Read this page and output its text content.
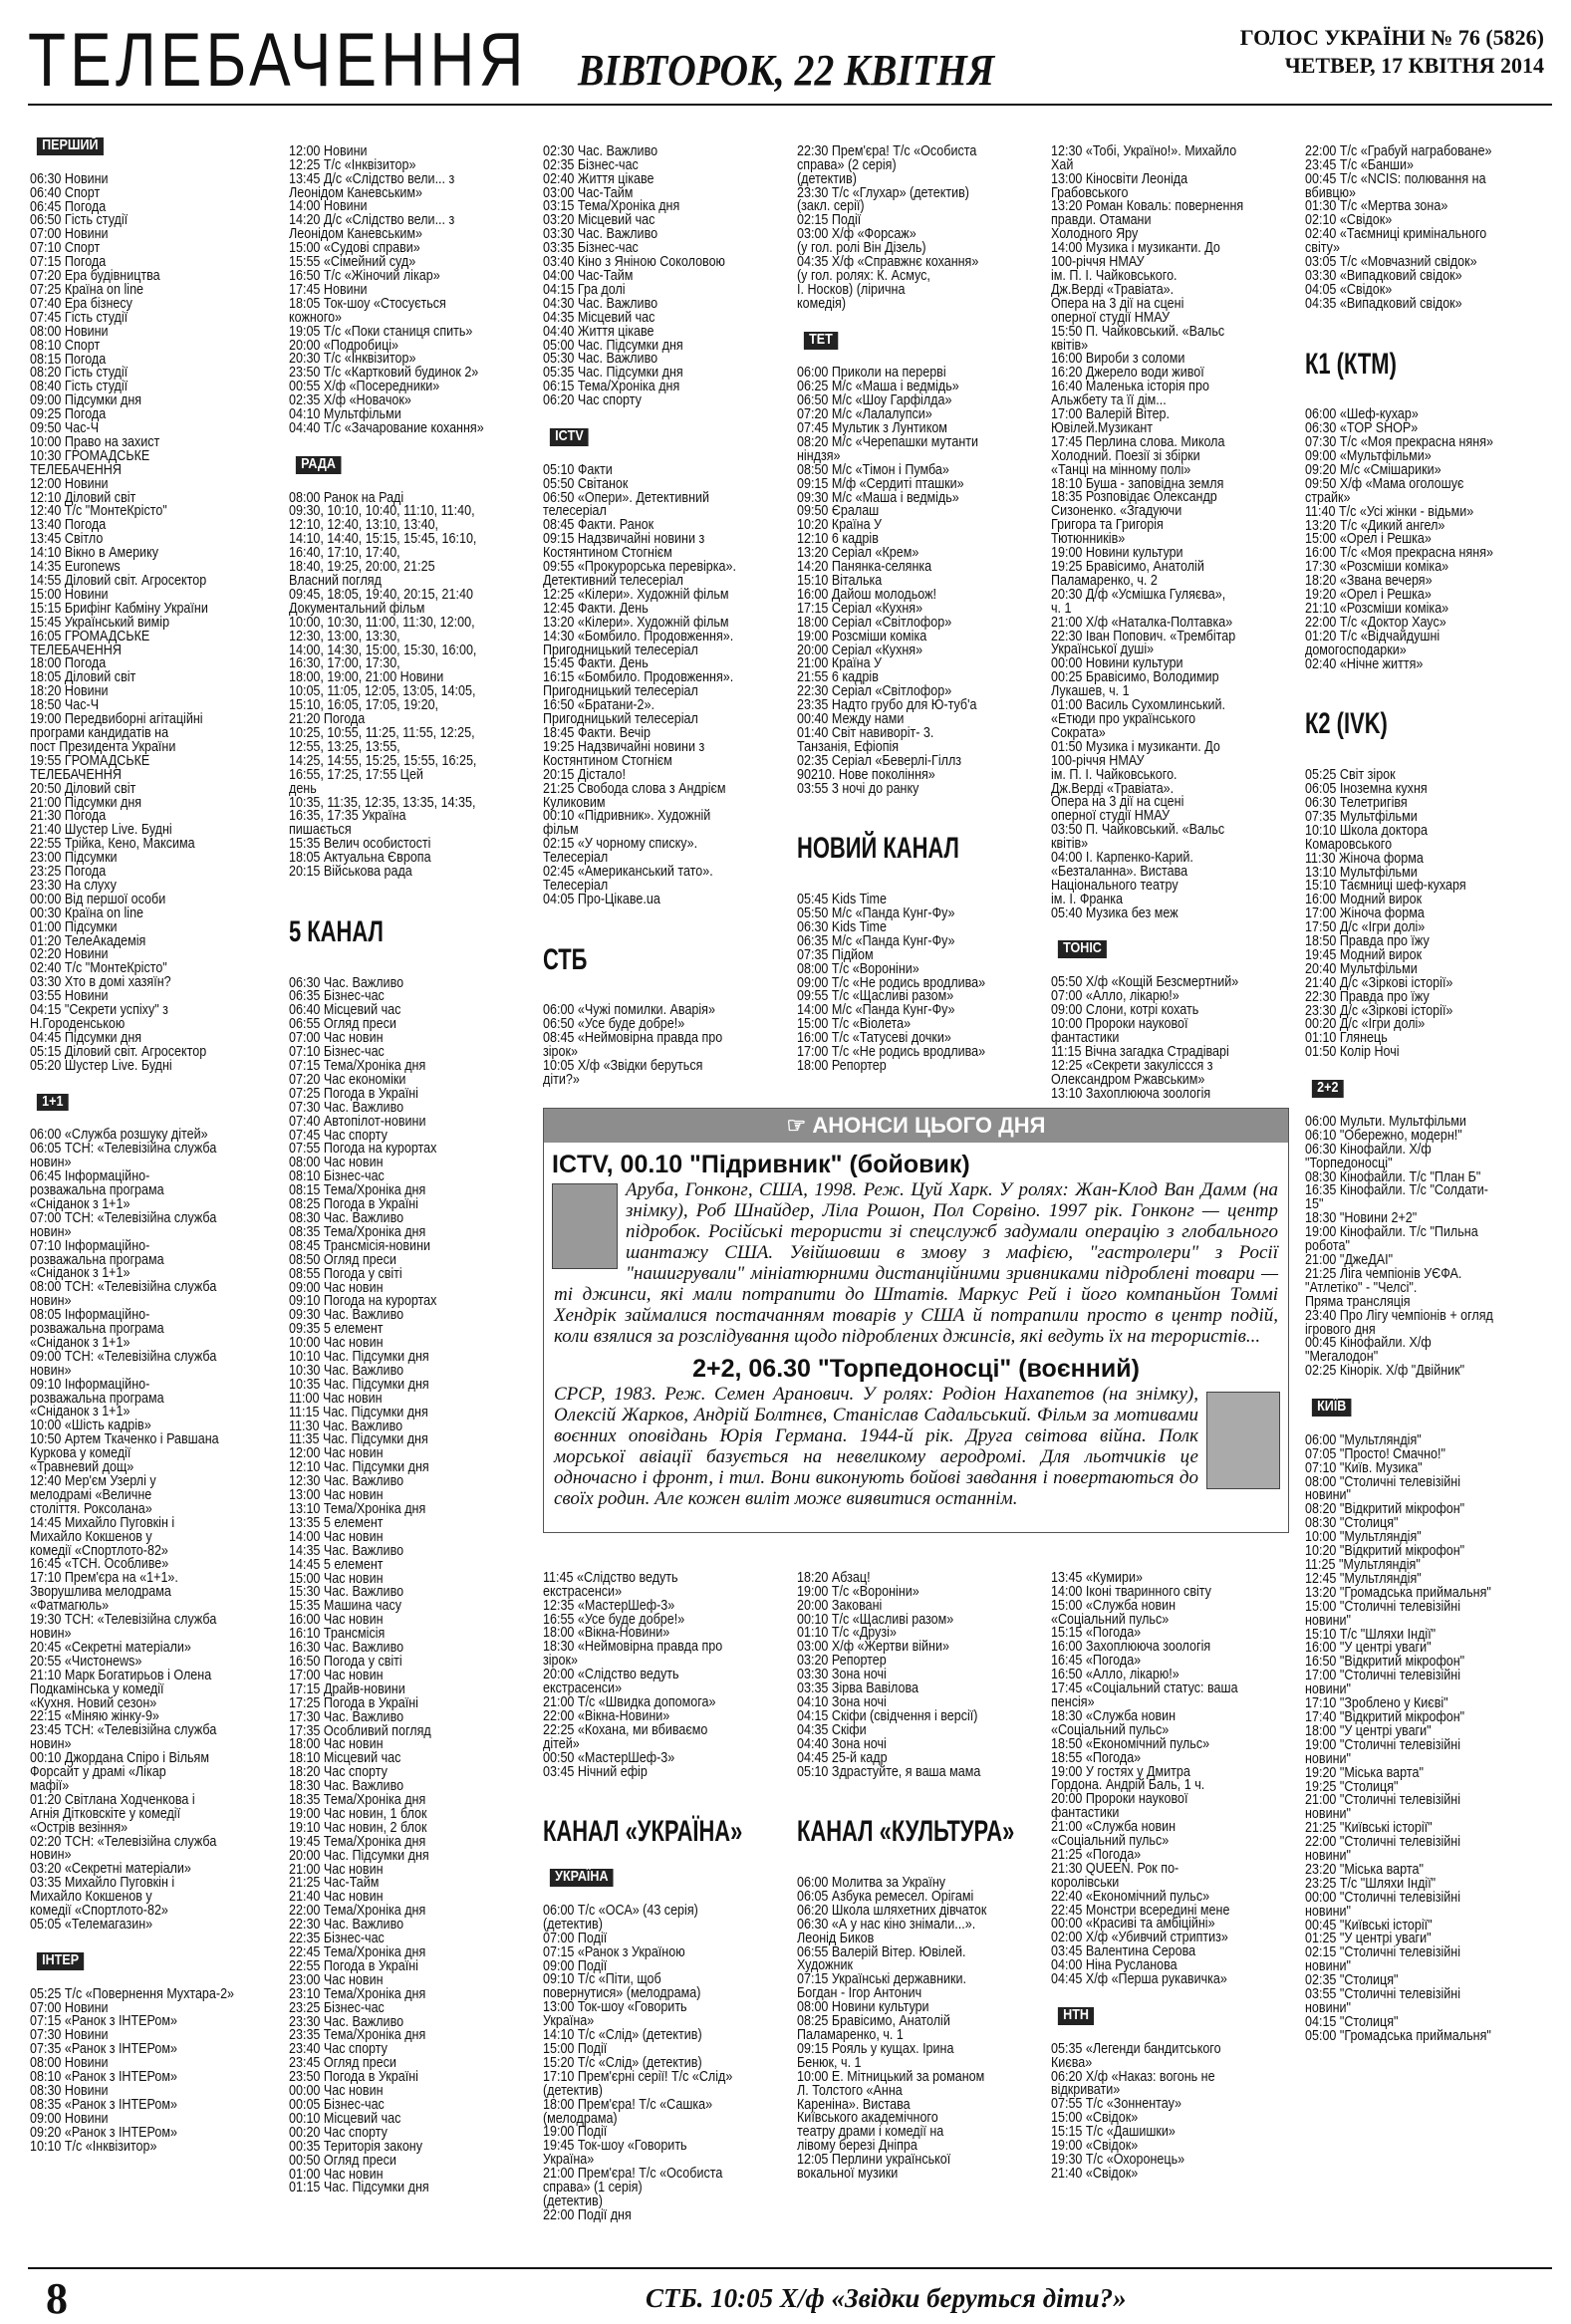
ТЕЛЕБАЧЕННЯ ВІВТОРОК, 22 КВІТНЯ
ГОЛОС УКРАЇНИ № 76 (5826)
ЧЕТВЕР, 17 КВІТНЯ 2014

ПЕРШИЙ

06:30 Новини
06:40 Спорт
06:45 Погода
06:50 Гість студії
07:00 Новини
07:10 Спорт
07:15 Погода
07:20 Ера будівництва
07:25 Країна on line
07:40 Ера бізнесу
07:45 Гість студії
08:00 Новини
08:10 Спорт
08:15 Погода
08:20 Гість студії
08:40 Гість студії
09:00 Підсумки дня
09:25 Погода
09:50 Час-Ч
10:00 Право на захист
10:30 ГРОМАДСЬКЕ
ТЕЛЕБАЧЕННЯ
12:00 Новини
12:10 Діловий світ
12:40 Т/с "МонтеКрісто"
13:40 Погода
13:45 Світло
14:10 Вікно в Америку
14:35 Euronews
14:55 Діловий світ. Агросектор
15:00 Новини
15:15 Брифінг Кабміну України
15:45 Український вимір
16:05 ГРОМАДСЬКЕ
ТЕЛЕБАЧЕННЯ
18:00 Погода
18:05 Діловий світ
18:20 Новини
18:50 Час-Ч
19:00 Передвиборні агітаційні
програми кандидатів на
пост Президента України
19:55 ГРОМАДСЬКЕ
ТЕЛЕБАЧЕННЯ
20:50 Діловий світ
21:00 Підсумки дня
21:30 Погода
21:40 Шустер Live. Будні
22:55 Трійка, Кено, Максима
23:00 Підсумки
23:25 Погода
23:30 На слуху
00:00 Від першої особи
00:30 Країна on line
01:00 Підсумки
01:20 ТелеАкадемія
02:20 Новини
02:40 Т/с "МонтеКрісто"
03:30 Хто в домі хазяїн?
03:55 Новини
04:15 "Секрети успіху" з
Н.Городенською
04:45 Підсумки дня
05:15 Діловий світ. Агросектор
05:20 Шустер Live. Будні

1+1

06:00 «Служба розшуку дітей»
06:05 ТСН: «Телевізійна служба
новин»
06:45 Інформаційно-
розважальна програма
«Сніданок з 1+1»
07:00 ТСН: «Телевізійна служба
новин»
07:10 Інформаційно-
розважальна програма
«Сніданок з 1+1»
08:00 ТСН: «Телевізійна служба
новин»
08:05 Інформаційно-
розважальна програма
«Сніданок з 1+1»
09:00 ТСН: «Телевізійна служба
новин»
09:10 Інформаційно-
розважальна програма
«Сніданок з 1+1»
10:00 «Шість кадрів»
10:50 Артем Ткаченко і Равшана
Куркова у комедії
«Травневий дощ»
12:40 Мер'єм Узерлі у
мелодрамі «Величне
століття. Роксолана»
14:45 Михайло Пуговкін і
Михайло Кокшенов у
комедії «Спортлото-82»
16:45 «ТСН. Особливе»
17:10 Прем'єра на «1+1».
Зворушлива мелодрама
«Фатмагюль»
19:30 ТСН: «Телевізійна служба
новин»
20:45 «Секретні матеріали»
20:55 «Чистонews»
21:10 Марк Богатирьов і Олена
Подкамінська у комедії
«Кухня. Новий сезон»
22:15 «Міняю жінку-9»
23:45 ТСН: «Телевізійна служба
новин»
00:10 Джордана Спіро і Вільям
Форсайт у драмі «Лікар
мафії»
01:20 Світлана Ходченкова і
Агнія Дітковскіте у комедії
«Острів везіння»
02:20 ТСН: «Телевізійна служба
новин»
03:20 «Секретні матеріали»
03:35 Михайло Пуговкін і
Михайло Кокшенов у
комедії «Спортлото-82»
05:05 «Телемагазин»

ІНТЕР

05:25 Т/с «Повернення Мухтара-2»
07:00 Новини
07:15 «Ранок з ІНТЕРом»
07:30 Новини
07:35 «Ранок з ІНТЕРом»
08:00 Новини
08:10 «Ранок з ІНТЕРом»
08:30 Новини
08:35 «Ранок з ІНТЕРом»
09:00 Новини
09:20 «Ранок з ІНТЕРом»
10:10 Т/с «Інквізитор»

12:00 Новини
12:25 Т/с «Інквізитор»
13:45 Д/с «Слідство вели... з
Леонідом Каневським»
14:00 Новини
14:20 Д/с «Слідство вели... з
Леонідом Каневським»
15:00 «Судові справи»
15:55 «Сімейний суд»
16:50 Т/с «Жіночий лікар»
17:45 Новини
18:05 Ток-шоу «Стосується
кожного»
19:05 Т/с «Поки станиця спить»
20:00 «Подробиці»
20:30 Т/с «Інквізитор»
23:50 Т/с «Картковий будинок 2»
00:55 Х/ф «Посередники»
02:35 Х/ф «Новачок»
04:10 Мультфільми
04:40 Т/с «Зачарование кохання»

РАДА

08:00 Ранок на Раді
09:30, 10:10, 10:40, 11:10, 11:40,
12:10, 12:40, 13:10, 13:40,
14:10, 14:40, 15:15, 15:45, 16:10,
16:40, 17:10, 17:40,
18:40, 19:25, 20:00, 21:25
Власний погляд
09:45, 18:05, 19:40, 20:15, 21:40
Документальний фільм
10:00, 10:30, 11:00, 11:30, 12:00,
12:30, 13:00, 13:30,
14:00, 14:30, 15:00, 15:30, 16:00,
16:30, 17:00, 17:30,
18:00, 19:00, 21:00 Новини
10:05, 11:05, 12:05, 13:05, 14:05,
15:10, 16:05, 17:05, 19:20,
21:20 Погода
10:25, 10:55, 11:25, 11:55, 12:25,
12:55, 13:25, 13:55,
14:25, 14:55, 15:25, 15:55, 16:25,
16:55, 17:25, 17:55 Цей
день
10:35, 11:35, 12:35, 13:35, 14:35,
16:35, 17:35 Україна
пишається
15:35 Велич особистості
18:05 Актуальна Європа
20:15 Військова рада

5 КАНАЛ

06:30 Час. Важливо
06:35 Бізнес-час
06:40 Місцевий час
06:55 Огляд преси
07:00 Час новин
07:10 Бізнес-час
07:15 Тема/Хроніка дня
07:20 Час економіки
07:25 Погода в Україні
07:30 Час. Важливо
07:40 Автопілот-новини
07:45 Час спорту
07:55 Погода на курортах
08:00 Час новин
08:10 Бізнес-час
08:15 Тема/Хроніка дня
08:25 Погода в Україні
08:30 Час. Важливо
08:35 Тема/Хроніка дня
08:45 Трансмісія-новини
08:50 Огляд преси
08:55 Погода у світі
09:00 Час новин
09:10 Погода на курортах
09:30 Час. Важливо
09:35 5 елемент
10:00 Час новин
10:10 Час. Підсумки дня
10:30 Час. Важливо
10:35 Час. Підсумки дня
11:00 Час новин
11:15 Час. Підсумки дня
11:30 Час. Важливо
11:35 Час. Підсумки дня
12:00 Час новин
12:10 Час. Підсумки дня
12:30 Час. Важливо
13:00 Час новин
13:10 Тема/Хроніка дня
13:35 5 елемент
14:00 Час новин
14:35 Час. Важливо
14:45 5 елемент
15:00 Час новин
15:30 Час. Важливо
15:35 Машина часу
16:00 Час новин
16:10 Трансмісія
16:30 Час. Важливо
16:50 Погода у світі
17:00 Час новин
17:15 Драйв-новини
17:25 Погода в Україні
17:30 Час. Важливо
17:35 Особливий погляд
18:00 Час новин
18:10 Місцевий час
18:20 Час спорту
18:30 Час. Важливо
18:35 Тема/Хроніка дня
19:00 Час новин, 1 блок
19:10 Час новин, 2 блок
19:45 Тема/Хроніка дня
20:00 Час. Підсумки дня
21:00 Час новин
21:25 Час-Тайм
21:40 Час новин
22:00 Тема/Хроніка дня
22:30 Час. Важливо
22:35 Бізнес-час
22:45 Тема/Хроніка дня
22:55 Погода в Україні
23:00 Час новин
23:10 Тема/Хроніка дня
23:25 Бізнес-час
23:30 Час. Важливо
23:35 Тема/Хроніка дня
23:40 Час спорту
23:45 Огляд преси
23:50 Погода в Україні
00:00 Час новин
00:05 Бізнес-час
00:10 Місцевий час
00:20 Час спорту
00:35 Територія закону
00:50 Огляд преси
01:00 Час новин
01:15 Час. Підсумки дня

02:30 Час. Важливо
02:35 Бізнес-час
02:40 Життя цікаве
03:00 Час-Тайм
03:15 Тема/Хроніка дня
03:20 Місцевий час
03:30 Час. Важливо
03:35 Бізнес-час
03:40 Кіно з Яніною Соколовою
04:00 Час-Тайм
04:15 Гра долі
04:30 Час. Важливо
04:35 Місцевий час
04:40 Життя цікаве
05:00 Час. Підсумки дня
05:30 Час. Важливо
05:35 Час. Підсумки дня
06:15 Тема/Хроніка дня
06:20 Час спорту

ICTV

05:10 Факти
05:50 Світанок
06:50 «Опери». Детективний
телесеріал
08:45 Факти. Ранок
09:15 Надзвичайні новини з
Костянтином Стогнієм
09:55 «Прокурорська перевірка».
Детективний телесеріал
12:25 «Кілери». Художній фільм
12:45 Факти. День
13:20 «Кілери». Художній фільм
14:30 «Бомбило. Продовження».
Пригодницький телесеріал
15:45 Факти. День
16:15 «Бомбило. Продовження».
Пригодницький телесеріал
16:50 «Братани-2».
Пригодницький телесеріал
18:45 Факти. Вечір
19:25 Надзвичайні новини з
Костянтином Стогнієм
20:15 Дістало!
21:25 Свобода слова з Андрієм
Куликовим
00:10 «Підривник». Художній
фільм
02:15 «У чорному списку».
Телесеріал
02:45 «Американський тато».
Телесеріал
04:05 Про-Цікаве.ua

СТБ

06:00 «Чужі помилки. Аварія»
06:50 «Усе буде добре!»
08:45 «Неймовірна правда про
зірок»
10:05 Х/ф «Звідки беруться
діти?»

22:30 Прем'єра! Т/с «Особиста
справа» (2 серія)
(детектив)
23:30 Т/с «Глухар» (детектив)
(закл. серії)
02:15 Події
03:00 Х/ф «Форсаж»
(у гол. ролі Він Дізель)
04:35 Х/ф «Справжнє кохання»
(у гол. ролях: К. Асмус,
І. Носков) (лірична
комедія)

ТЕТ

06:00 Приколи на перерві
06:25 М/с «Маша і ведмідь»
06:50 М/с «Шоу Гарфілда»
07:20 М/с «Лалалупси»
07:45 Мультик з Лунтиком
08:20 М/с «Черепашки мутанти
ніндзя»
08:50 М/с «Тімон і Пумба»
09:15 М/ф «Сердиті пташки»
09:30 М/с «Маша і ведмідь»
09:50 Єралаш
10:20 Країна У
12:10 6 кадрів
13:20 Серіал «Крем»
14:20 Панянка-селянка
15:10 Віталька
16:00 Дайош молодьож!
17:15 Серіал «Кухня»
18:00 Серіал «Світлофор»
19:00 Розсміши коміка
20:00 Серіал «Кухня»
21:00 Країна У
21:55 6 кадрів
22:30 Серіал «Світлофор»
23:35 Надто грубо для Ю-туб'а
00:40 Между нами
01:40 Світ навиворіт- 3.
Танзанія, Ефіопія
02:35 Серіал «Беверлі-Гіллз
90210. Нове покоління»
03:55 3 ночі до ранку

НОВИЙ КАНАЛ

05:45 Kids Time
05:50 М/с «Панда Кунг-Фу»
06:30 Kids Time
06:35 М/с «Панда Кунг-Фу»
07:35 Підйом
08:00 Т/с «Вороніни»
09:00 Т/с «Не родись вродлива»
09:55 Т/с «Щасливі разом»
14:00 М/с «Панда Кунг-Фу»
15:00 Т/с «Віолета»
16:00 Т/с «Татусеві дочки»
17:00 Т/с «Не родись вродлива»
18:00 Репортер

12:30 «Тобі, Україно!». Михайло
Хай
13:00 Кіносвіти Леоніда
Грабовського
13:20 Роман Коваль: повернення
правди. Отамани
Холодного Яру
14:00 Музика і музиканти. До
100-річчя НМАУ
ім. П. І. Чайковського.
Дж.Верді «Травіата».
Опера на 3 дії на сцені
оперної студії НМАУ
15:50 П. Чайковський. «Вальс
квітів»
16:00 Вироби з соломи
16:20 Джерело води живої
16:40 Маленька історія про
Альжбету та її дім...
17:00 Валерій Вітер.
Ювілей.Музикант
17:45 Перлина слова. Микола
Холодний. Поезії зі збірки
«Танці на мінному полі»
18:10 Буша - заповідна земля
18:35 Розповідає Олександр
Сизоненко. «Згадуючи
Григора та Григорія
Тютюнників»
19:00 Новини культури
19:25 Бравісимо, Анатолій
Паламаренко, ч. 2
20:30 Д/ф «Усмішка Гуляєва»,
ч. 1
21:00 Х/ф «Наталка-Полтавка»
22:30 Іван Попович. «Трембітар
Української душі»
00:00 Новини культури
00:25 Бравісимо, Володимир
Лукашев, ч. 1
01:00 Василь Сухомлинський.
«Етюди про українського
Сократа»
01:50 Музика і музиканти. До
100-річчя НМАУ
ім. П. І. Чайковського.
Дж.Верді «Травіата».
Опера на 3 дії на сцені
оперної студії НМАУ
03:50 П. Чайковський. «Вальс
квітів»
04:00 І. Карпенко-Карий.
«Безталанна». Вистава
Національного театру
ім. І. Франка
05:40 Музика без меж

ТОНІС

05:50 Х/ф «Кощій Безсмертний»
07:00 «Алло, лікарю!»
09:00 Слони, котрі кохать
10:00 Пророки наукової
фантастики
11:15 Вічна загадка Страдіварі
12:25 «Секрети закуліссся з
Олександром Ржавським»
13:10 Захоплююча зоологія

22:00 Т/с «Грабуй награбоване»
23:45 Т/с «Банши»
00:45 Т/с «NCIS: полювання на
вбивцю»
01:30 Т/с «Мертва зона»
02:10 «Свідок»
02:40 «Таємниці кримінального
світу»
03:05 Т/с «Мовчазний свідок»
03:30 «Випадковий свідок»
04:05 «Свідок»
04:35 «Випадковий свідок»

К1 (КТМ)

06:00 «Шеф-кухар»
06:30 «TOP SHOP»
07:30 Т/с «Моя прекрасна няня»
09:00 «Мультфільми»
09:20 М/с «Смішарики»
09:50 Х/ф «Мама оголошує
страйк»
11:40 Т/с «Усі жінки - відьми»
13:20 Т/с «Дикий ангел»
15:00 «Орел і Решка»
16:00 Т/с «Моя прекрасна няня»
17:30 «Розсміши коміка»
18:20 «Звана вечеря»
19:20 «Орел і Решка»
21:10 «Розсміши коміка»
22:00 Т/с «Доктор Хаус»
01:20 Т/с «Відчайдушні
домогосподарки»
02:40 «Нічне життя»

К2 (IVK)

05:25 Світ зірок
06:05 Іноземна кухня
06:30 Телетригівя
07:35 Мультфільми
10:10 Школа доктора
Комаровського
11:30 Жіноча форма
13:10 Мультфільми
15:10 Таємниці шеф-кухаря
16:00 Модний вирок
17:00 Жіноча форма
17:50 Д/с «Ігри долі»
18:50 Правда про їжу
19:45 Модний вирок
20:40 Мультфільми
21:40 Д/с «Зіркові історії»
22:30 Правда про їжу
23:30 Д/с «Зіркові історії»
00:20 Д/с «Ігри долі»
01:10 Глянець
01:50 Колір Ночі

2+2

06:00 Мульти. Мультфільми
06:10 "Обережно, модерн!"
06:30 Кінофайли. Х/ф
"Торпедоносці"
08:30 Кінофайли. Т/с "План Б"
16:35 Кінофайли. Т/с "Солдати-
15"
18:30 "Новини 2+2"
19:00 Кінофайли. Т/с "Пильна
робота"
21:00 "ДжеДАІ"
21:25 Ліга чемпіонів УЄФА.
"Атлетіко" - "Челсі".
Пряма трансляція
23:40 Про Лігу чемпіонів + огляд
ігрового дня
00:45 Кінофайли. Х/ф
"Мегалодон"
02:25 Кінорік. Х/ф "Двійник"

КИЇВ

06:00 "Мультляндія"
07:05 "Просто! Смачно!"
07:10 "Київ. Музика"
08:00 "Столичні телевізійні
новини"
08:20 "Відкритий мікрофон"
08:30 "Столиця"
10:00 "Мультляндія"
10:20 "Відкритий мікрофон"
11:25 "Мультляндія"
12:45 "Мультляндія"
13:20 "Громадська приймальня"
15:00 "Столичні телевізійні
новини"
15:10 Т/с "Шляхи Індії"
16:00 "У центрі уваги"
16:50 "Відкритий мікрофон"
17:00 "Столичні телевізійні
новини"
17:10 "Зроблено у Києві"
17:40 "Відкритий мікрофон"
18:00 "У центрі уваги"
19:00 "Столичні телевізійні
новини"
19:20 "Міська варта"
19:25 "Столиця"
21:00 "Столичні телевізійні
новини"
21:25 "Київські історії"
22:00 "Столичні телевізійні
новини"
23:20 "Міська варта"
23:25 Т/с "Шляхи Індії"
00:00 "Столичні телевізійні
новини"
00:45 "Київські історії"
01:25 "У центрі уваги"
02:15 "Столичні телевізійні
новини"
02:35 "Столиця"
03:55 "Столичні телевізійні
новини"
04:15 "Столиця"
05:00 "Громадська приймальня"

☞ АНОНСИ ЦЬОГО ДНЯ
ICTV, 00.10 "Підривник" (бойовик)
Аруба, Гонконг, США, 1998. Реж. Цуй Харк. У ролях: Жан-Клод Ван Дамм (на знімку), Роб Шнайдер, Ліла Рошон, Пол Сорвіно. 1997 рік. Гонконг — центр підробок. Російські терористи зі спецслужб задумали операцію з глобального шантажу США. Увійшовши в змову з мафією, "гастролери" з Росії "нашигрували" мініатюрними дистанційними зривниками підроблені товари — ті джинси, які мали потрапити до Штатів. Маркус Рей і його компаньйон Томмі Хендрік займалися постачанням товарів у США й потрапили просто в центр подій, коли взялися за розслідування щодо підроблених джинсів, які ведуть їх на терористів...
2+2, 06.30 "Торпедоносці" (воєнний)
СРСР, 1983. Реж. Семен Аранович. У ролях: Родіон Нахапетов (на знімку), Олексій Жарков, Андрій Болтнєв, Станіслав Садальський. Фільм за мотивами воєнних оповідань Юрія Германа. 1944-й рік. Друга світова війна. Полк морської авіації базується на невеликому аеродромі. Для льотчиків це одночасно і фронт, і тил. Вони виконують бойові завдання і повертаються до своїх родин. Але кожен виліт може виявитися останнім.

11:45 «Слідство ведуть
екстрасенси»
12:35 «МастерШеф-3»
16:55 «Усе буде добре!»
18:00 «Вікна-Новини»
18:30 «Неймовірна правда про
зірок»
20:00 «Слідство ведуть
екстрасенси»
21:00 Т/с «Швидка допомога»
22:00 «Вікна-Новини»
22:25 «Кохана, ми вбиваємо
дітей»
00:50 «МастерШеф-3»
03:45 Нічний ефір

КАНАЛ «УКРАЇНА»

УКРАЇНА

06:00 Т/с «ОСА» (43 серія)
(детектив)
07:00 Події
07:15 «Ранок з Україною
09:00 Події
09:10 Т/с «Піти, щоб
повернутися» (мелодрама)
13:00 Ток-шоу «Говорить
Україна»
14:10 Т/с «Слід» (детектив)
15:00 Події
15:20 Т/с «Слід» (детектив)
17:10 Прем'єрні серії! Т/с «Слід»
(детектив)
18:00 Прем'єра! Т/с «Сашка»
(мелодрама)
19:00 Події
19:45 Ток-шоу «Говорить
Україна»
21:00 Прем'єра! Т/с «Особиста
справа» (1 серія)
(детектив)
22:00 Події дня

18:20 Абзац!
19:00 Т/с «Вороніни»
20:00 Заковані
00:10 Т/с «Щасливі разом»
01:10 Т/с «Друзі»
03:00 Х/ф «Жертви війни»
03:20 Репортер
03:30 Зона ночі
03:35 Зірва Вавілова
04:10 Зона ночі
04:15 Скіфи (свідчення і версії)
04:35 Скіфи
04:40 Зона ночі
04:45 25-й кадр
05:10 Здрастуйте, я ваша мама

КАНАЛ «КУЛЬТУРА»

06:00 Молитва за Україну
06:05 Азбука ремесел. Орігамі
06:20 Школа шляхетних дівчаток
06:30 «А у нас кіно знімали...».
Леонід Биков
06:55 Валерій Вітер. Ювілей.
Художник
07:15 Українські державники.
Богдан - Ігор Антонич
08:00 Новини культури
08:25 Бравісимо, Анатолій
Паламаренко, ч. 1
09:15 Рояль у кущах. Ірина
Бенюк, ч. 1
10:00 Е. Мітницький за романом
Л. Толстого «Анна
Кареніна». Вистава
Київського академічного
театру драми і комедії на
лівому березі Дніпра
12:05 Перлини української
вокальної музики

13:45 «Кумири»
14:00 Іконі тваринного світу
15:00 «Служба новин
«Соціальний пульс»
15:15 «Погода»
16:00 Захоплююча зоологія
16:45 «Погода»
16:50 «Алло, лікарю!»
17:45 «Соціальний статус: ваша
пенсія»
18:30 «Служба новин
«Соціальний пульс»
18:50 «Економічний пульс»
18:55 «Погода»
19:00 У гостях у Дмитра
Гордона. Андрій Баль, 1 ч.
20:00 Пророки наукової
фантастики
21:00 «Служба новин
«Соціальний пульс»
21:25 «Погода»
21:30 QUEEN. Рок по-
королівськи
22:40 «Економічний пульс»
22:45 Монстри всередині мене
00:00 «Красиві та амбіційні»
02:00 Х/ф «Убивчий стриптиз»
03:45 Валентина Серова
04:00 Ніна Русланова
04:45 Х/ф «Перша рукавичка»

НТН

05:35 «Легенди бандитського
Києва»
06:20 Х/ф «Наказ: вогонь не
відкривати»
07:55 Т/с «Зоннентау»
15:00 «Свідок»
15:15 Т/с «Дашишки»
19:00 «Свідок»
19:30 Т/с «Охоронець»
21:40 «Свідок»

8	СТБ. 10:05 Х/ф «Звідки беруться діти?»
